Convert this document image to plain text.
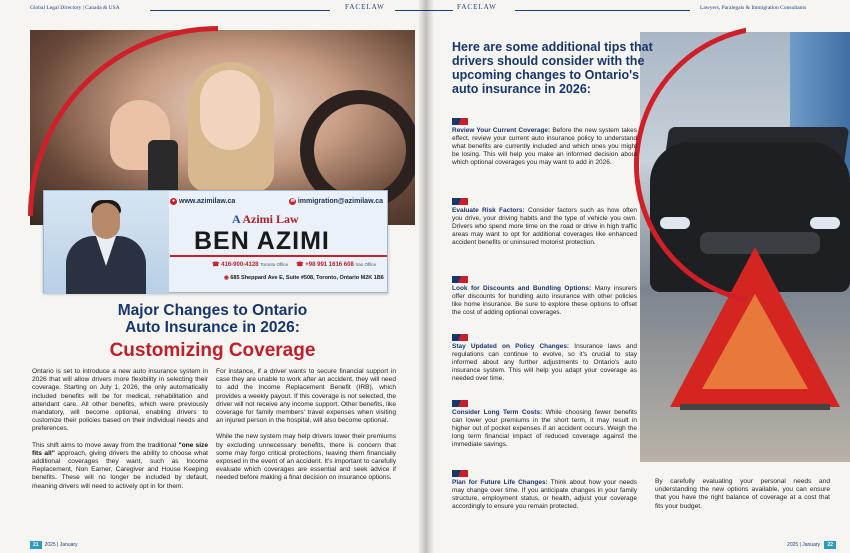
Global Legal Directory | Canada & USA	FACELAW
● www.azimilaw.ca	✉ immigration@azimilaw.ca
A Azimi Law
BEN AZIMI
☎ 416-900-4128 Toronto Office ☎ +98 991 1616 608 Iran Office
◉ 685 Sheppard Ave E, Suite #508, Toronto, Ontario M2K 1B6
Major Changes to Ontario
Auto Insurance in 2026:
Customizing Coverage

Ontario is set to introduce a new auto insurance system in 2026 that will allow drivers more flexibility in selecting their coverage. Starting on July 1, 2026, the only automatically included benefits will be for medical, rehabilitation and attendant care. All other benefits, which were previously mandatory, will become optional, enabling drivers to customize their policies based on their individual needs and preferences.

This shift aims to move away from the traditional "one size fits all" approach, giving drivers the ability to choose what additional coverages they want, such as Income Replacement, Non Earner, Caregiver and House Keeping benefits. These will no longer be included by default, meaning drivers will need to actively opt in for them.

For instance, if a driver wants to secure financial support in case they are unable to work after an accident, they will need to add the Income Replacement Benefit (IRB), which provides a weekly payout. If this coverage is not selected, the driver will not receive any income support. Other benefits, like coverage for family members' travel expenses when visiting an injured person in the hospital, will also become optional.

While the new system may help drivers lower their premiums by excluding unnecessary benefits, there is concern that some may forgo critical protections, leaving them financially exposed in the event of an accident. It's important to carefully evaluate which coverages are essential and seek advice if needed before making a final decision on insurance options.

21 2025 | January
FACELAW	Lawyers, Paralegals & Immigration Consultants
2025 | January 22
Here are some additional tips that drivers should consider with the upcoming changes to Ontario's auto insurance in 2026:
Review Your Current Coverage: Before the new system takes effect, review your current auto insurance policy to understand what benefits are currently included and which ones you might be losing. This will help you make an informed decision about which optional coverages you may want to add in 2026.
Evaluate Risk Factors: Consider factors such as how often you drive, your driving habits and the type of vehicle you own. Drivers who spend more time on the road or drive in high traffic areas may want to opt for additional coverages like enhanced accident benefits or uninsured motorist protection.
Look for Discounts and Bundling Options: Many insurers offer discounts for bundling auto insurance with other policies like home insurance. Be sure to explore these options to offset the cost of adding optional coverages.
Stay Updated on Policy Changes: Insurance laws and regulations can continue to evolve, so it's crucial to stay informed about any further adjustments to Ontario's auto insurance system. This will help you adapt your coverage as needed over time.
Consider Long Term Costs: While choosing fewer benefits can lower your premiums in the short term, it may result in higher out of pocket expenses if an accident occurs. Weigh the long term financial impact of reduced coverage against the immediate savings.
Plan for Future Life Changes: Think about how your needs may change over time. If you anticipate changes in your family structure, employment status, or health, adjust your coverage accordingly to ensure you remain protected.
By carefully evaluating your personal needs and understanding the new options available, you can ensure that you have the right balance of coverage at a cost that fits your budget.
